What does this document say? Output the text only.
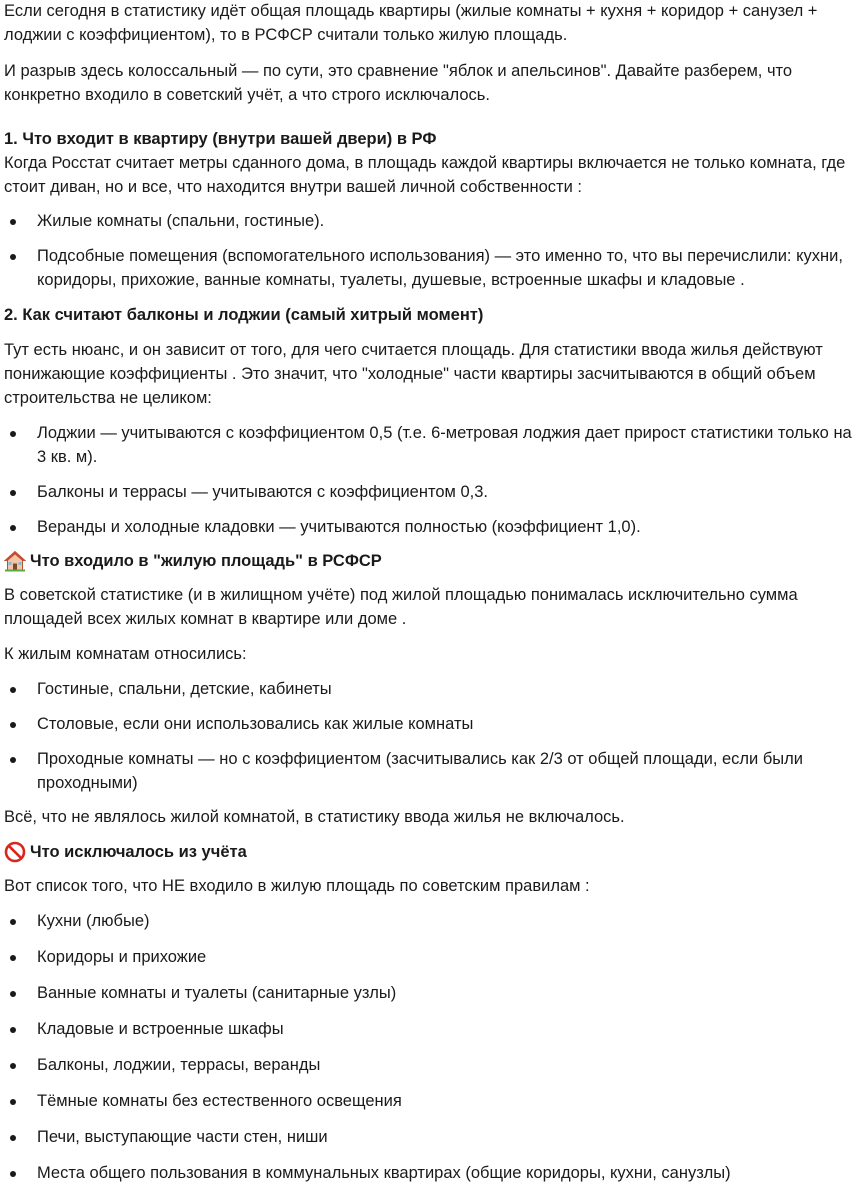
Если сегодня в статистику идёт общая площадь квартиры (жилые комнаты + кухня + коридор + санузел + лоджии с коэффициентом), то в РСФСР считали только жилую площадь.

И разрыв здесь колоссальный — по сути, это сравнение "яблок и апельсинов". Давайте разберем, что конкретно входило в советский учёт, а что строго исключалось.

1. Что входит в квартиру (внутри вашей двери) в РФ

Когда Росстат считает метры сданного дома, в площадь каждой квартиры включается не только комната, где стоит диван, но и все, что находится внутри вашей личной собственности :

Жилые комнаты (спальни, гостиные).
Подсобные помещения (вспомогательного использования) — это именно то, что вы перечислили: кухни, коридоры, прихожие, ванные комнаты, туалеты, душевые, встроенные шкафы и кладовые .

2. Как считают балконы и лоджии (самый хитрый момент)

Тут есть нюанс, и он зависит от того, для чего считается площадь. Для статистики ввода жилья действуют понижающие коэффициенты . Это значит, что "холодные" части квартиры засчитываются в общий объем строительства не целиком:

Лоджии — учитываются с коэффициентом 0,5 (т.е. 6-метровая лоджия дает прирост статистики только на 3 кв. м).
Балконы и террасы — учитываются с коэффициентом 0,3.
Веранды и холодные кладовки — учитываются полностью (коэффициент 1,0).
Что входило в "жилую площадь" в РСФСР

В советской статистике (и в жилищном учёте) под жилой площадью понималась исключительно сумма площадей всех жилых комнат в квартире или доме .

К жилым комнатам относились:

Гостиные, спальни, детские, кабинеты
Столовые, если они использовались как жилые комнаты
Проходные комнаты — но с коэффициентом (засчитывались как 2/3 от общей площади, если были проходными)

Всё, что не являлось жилой комнатой, в статистику ввода жилья не включалось.

Что исключалось из учёта

Вот список того, что НЕ входило в жилую площадь по советским правилам :

Кухни (любые)
Коридоры и прихожие
Ванные комнаты и туалеты (санитарные узлы)
Кладовые и встроенные шкафы
Балконы, лоджии, террасы, веранды
Тёмные комнаты без естественного освещения
Печи, выступающие части стен, ниши
Места общего пользования в коммунальных квартирах (общие коридоры, кухни, санузлы)
